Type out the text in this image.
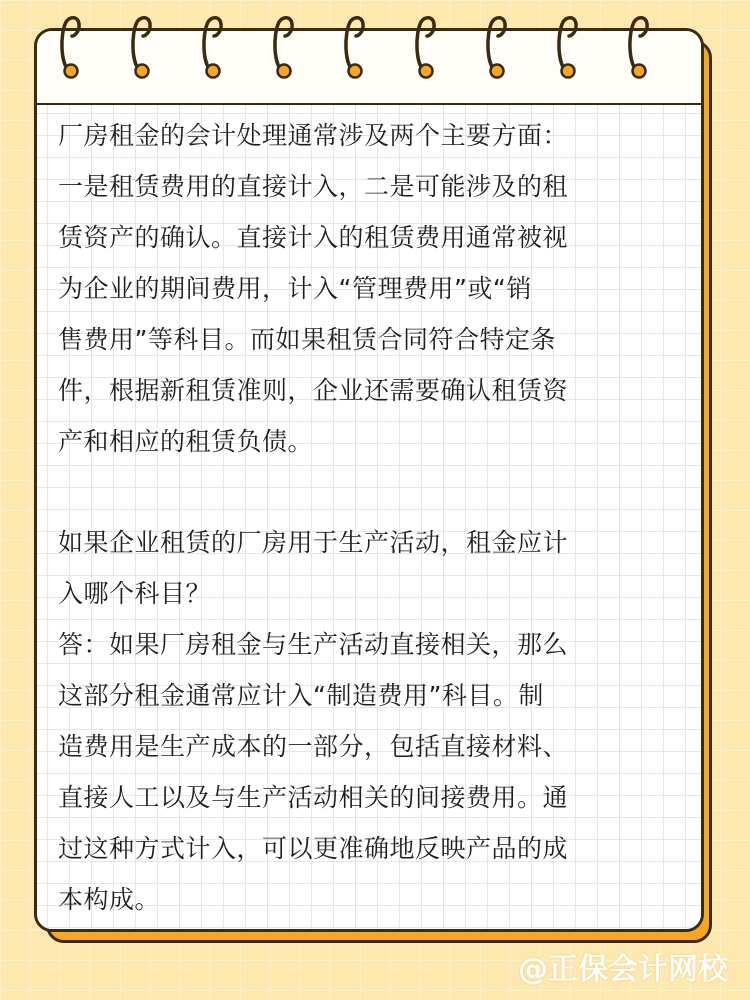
厂房租金的会计处理通常涉及两个主要方面：
一是租赁费用的直接计入，二是可能涉及的租
赁资产的确认。直接计入的租赁费用通常被视
为企业的期间费用，计入“管理费用”或“销
售费用”等科目。而如果租赁合同符合特定条
件，根据新租赁准则，企业还需要确认租赁资
产和相应的租赁负债。
如果企业租赁的厂房用于生产活动，租金应计
入哪个科目？
答：如果厂房租金与生产活动直接相关，那么
这部分租金通常应计入“制造费用”科目。制
造费用是生产成本的一部分，包括直接材料、
直接人工以及与生产活动相关的间接费用。通
过这种方式计入，可以更准确地反映产品的成
本构成。
@正保会计网校
